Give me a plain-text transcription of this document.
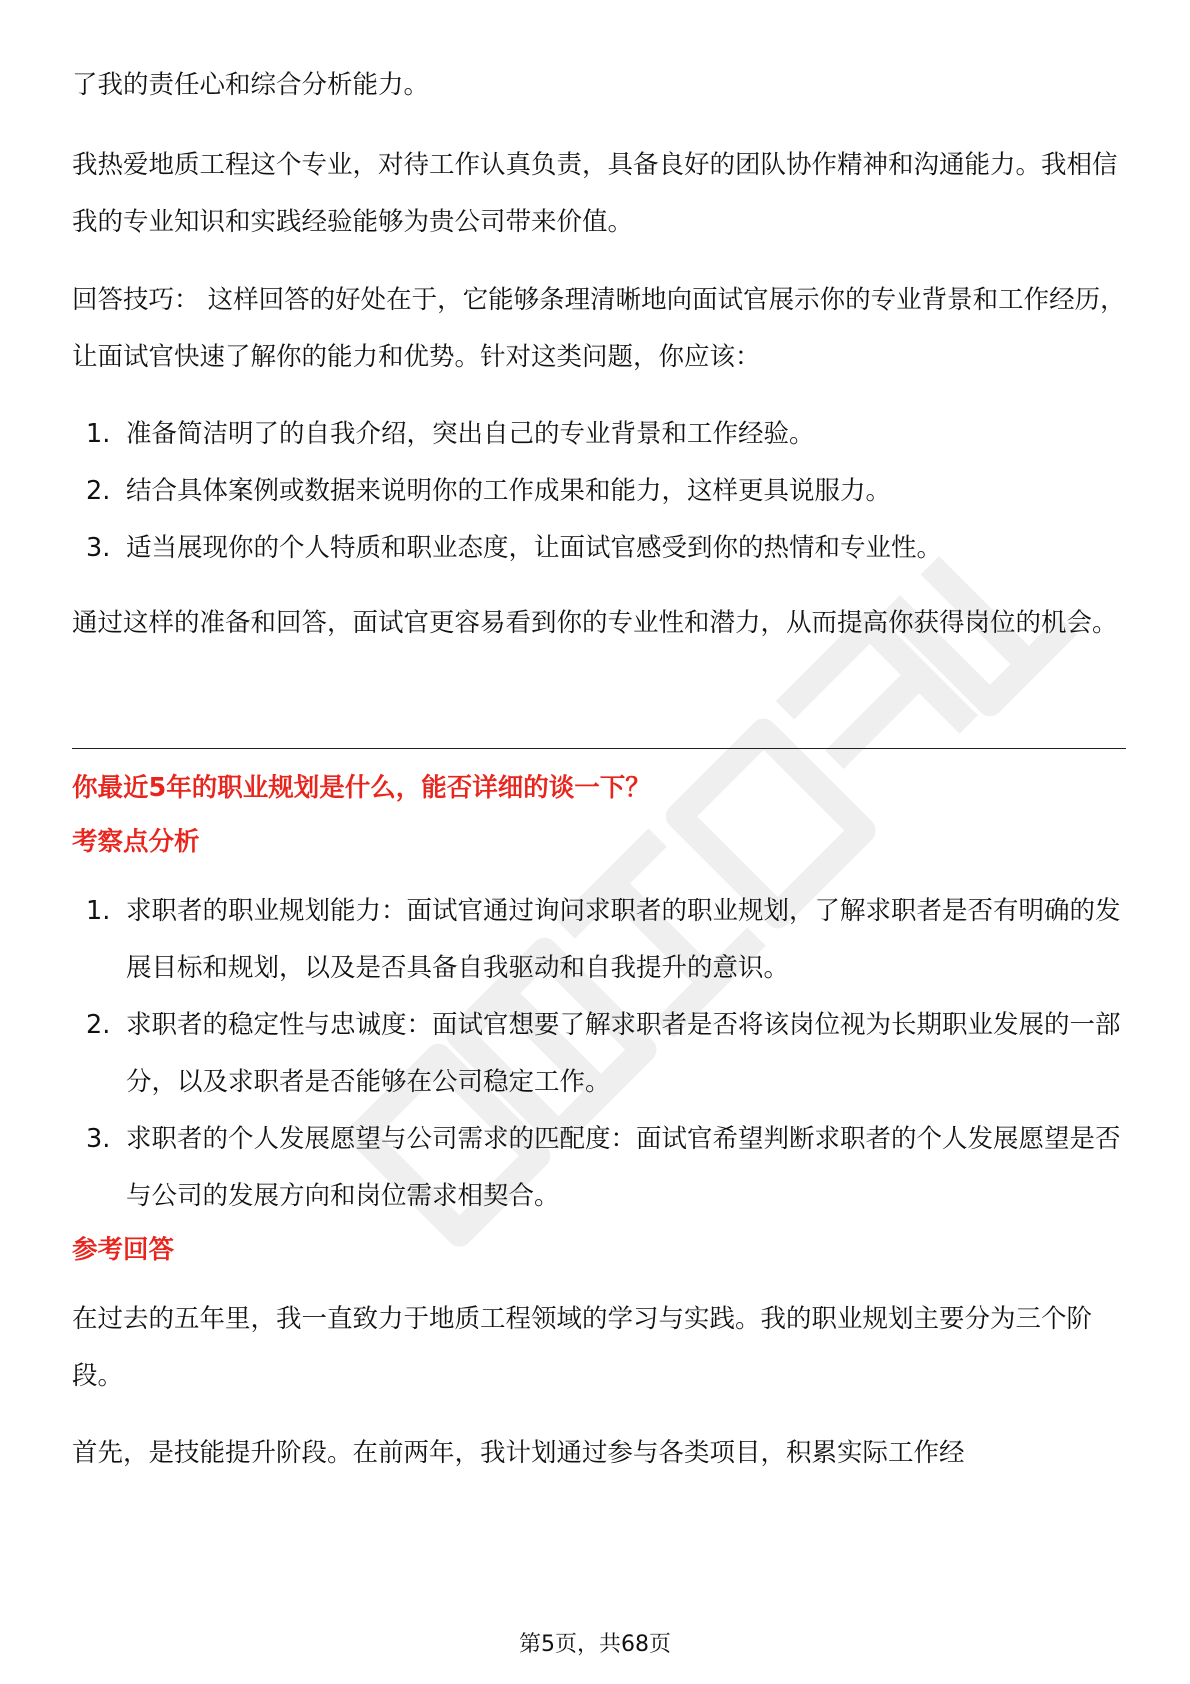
了我的责任心和综合分析能力。

我热爱地质工程这个专业，对待工作认真负责，具备良好的团队协作精神和沟通能力。我相信我的专业知识和实践经验能够为贵公司带来价值。

回答技巧： 这样回答的好处在于，它能够条理清晰地向面试官展示你的专业背景和工作经历，让面试官快速了解你的能力和优势。针对这类问题，你应该：

1. 准备简洁明了的自我介绍，突出自己的专业背景和工作经验。
2. 结合具体案例或数据来说明你的工作成果和能力，这样更具说服力。
3. 适当展现你的个人特质和职业态度，让面试官感受到你的热情和专业性。

通过这样的准备和回答，面试官更容易看到你的专业性和潜力，从而提高你获得岗位的机会。

你最近5年的职业规划是什么，能否详细的谈一下？
考察点分析
1. 求职者的职业规划能力：面试官通过询问求职者的职业规划，了解求职者是否有明确的发展目标和规划，以及是否具备自我驱动和自我提升的意识。
2. 求职者的稳定性与忠诚度：面试官想要了解求职者是否将该岗位视为长期职业发展的一部分，以及求职者是否能够在公司稳定工作。
3. 求职者的个人发展愿望与公司需求的匹配度：面试官希望判断求职者的个人发展愿望是否与公司的发展方向和岗位需求相契合。
参考回答

在过去的五年里，我一直致力于地质工程领域的学习与实践。我的职业规划主要分为三个阶段。

首先，是技能提升阶段。在前两年，我计划通过参与各类项目，积累实际工作经

第5页，共68页
